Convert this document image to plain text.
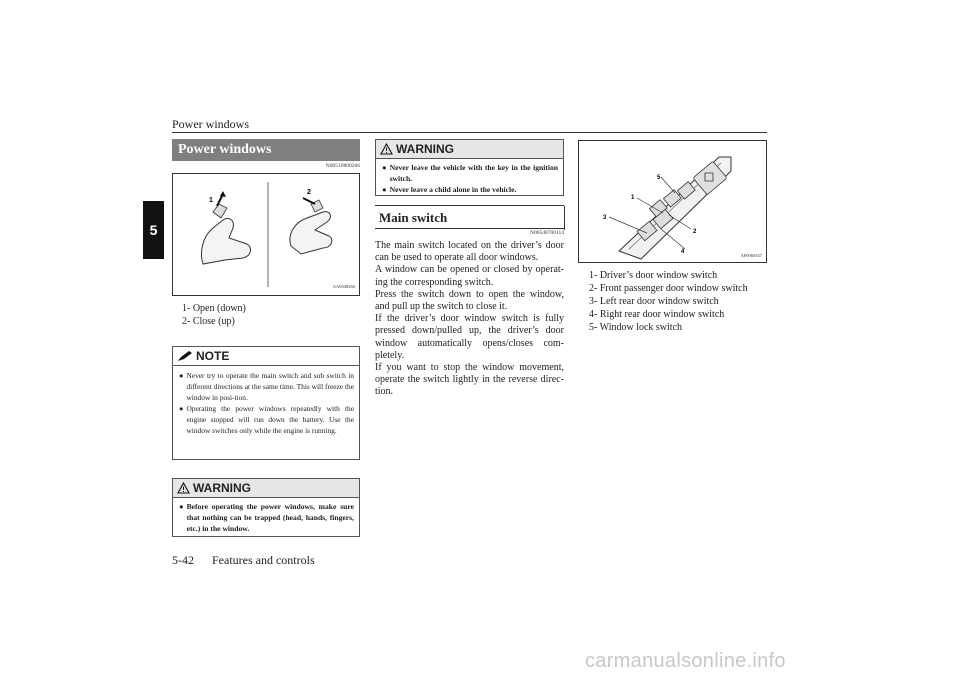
Power windows
5
Power windows
N00510800266
1
2
AA0048266
1- Open (down)
2- Close (up)
NOTE
● Never try to operate the main switch and sub switch in different directions at the same time. This will freeze the window in posi-tion.
● Operating the power windows repeatedly with the engine stopped will run down the battery. Use the window switches only while the engine is running.
WARNING
● Before operating the power windows, make sure that nothing can be trapped (head, hands, fingers, etc.) in the window.
WARNING
● Never leave the vehicle with the key in the ignition switch.
● Never leave a child alone in the vehicle.
Main switch
N00548700114
The main switch located on the driver’s door can be used to operate all door windows.
A window can be opened or closed by operat-ing the corresponding switch.
Press the switch down to open the window, and pull up the switch to close it.
If the driver’s door window switch is fully pressed down/pulled up, the driver’s door window automatically opens/closes com-pletely.
If you want to stop the window movement, operate the switch lightly in the reverse direc-tion.
5
1
3
2
4
AF0060337
1- Driver’s door window switch
2- Front passenger door window switch
3- Left rear door window switch
4- Right rear door window switch
5- Window lock switch
5-42 Features and controls
carmanualsonline.info
